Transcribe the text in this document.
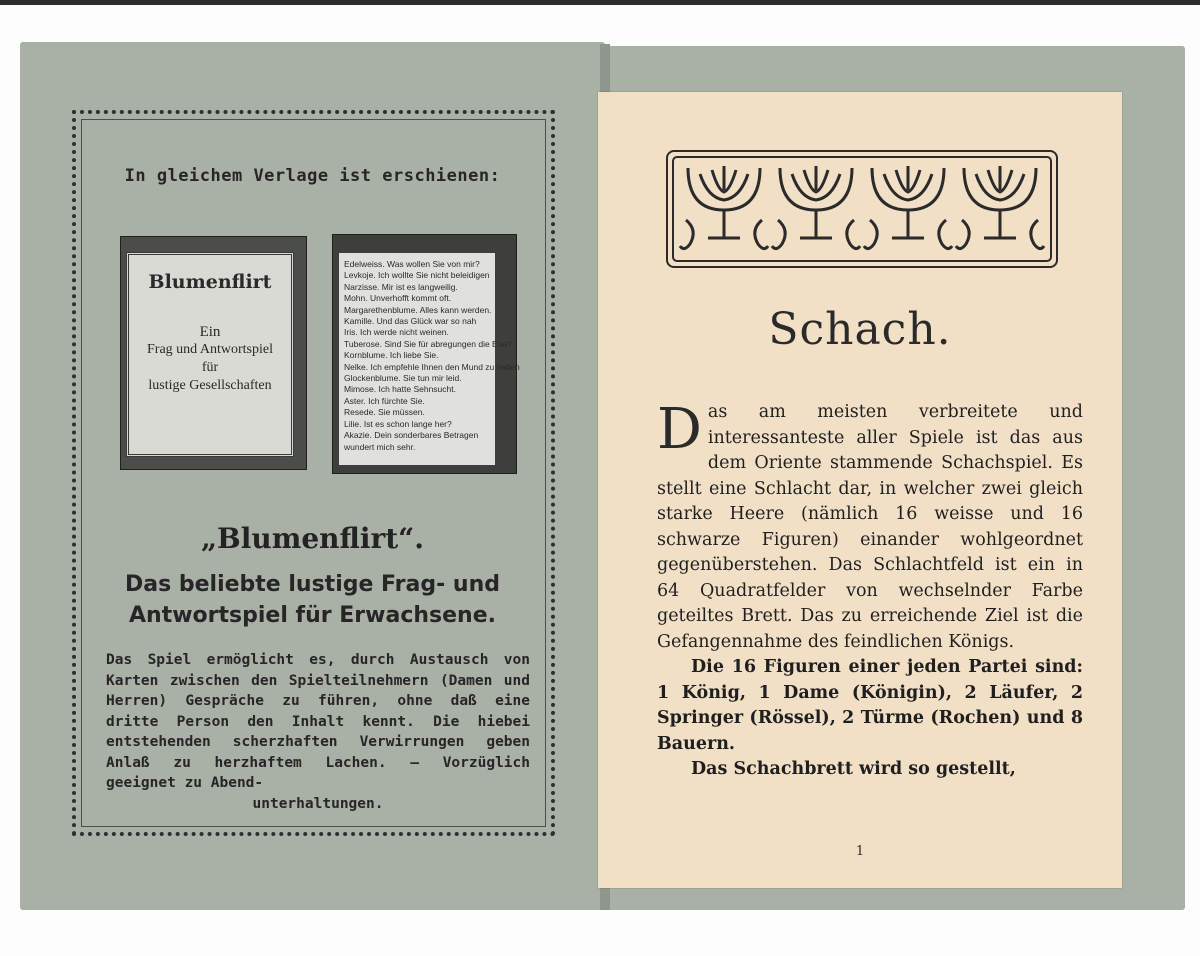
In gleichem Verlage ist erschienen:
Blumenflirt
Ein
Frag und Antwortspiel
für
lustige Gesellschaften
Edelweiss. Was wollen Sie von mir?
Levkoje. Ich wollte Sie nicht beleidigen
Narzisse. Mir ist es langweilig.
Mohn. Unverhofft kommt oft.
Margarethenblume. Alles kann werden.
Kamille. Und das Glück war so nah
Iris. Ich werde nicht weinen.
Tuberose. Sind Sie für abregungen die Ehe?
Kornblume. Ich liebe Sie.
Nelke. Ich empfehle Ihnen den Mund zu halten
Glockenblume. Sie tun mir leid.
Mimose. Ich hatte Sehnsucht.
Aster. Ich fürchte Sie.
Resede. Sie müssen.
Lilie. Ist es schon lange her?
Akazie. Dein sonderbares Betragen
wundert mich sehr.
„Blumenflirt“.
Das beliebte lustige Frag- und
Antwortspiel für Erwachsene.
Das Spiel ermöglicht es, durch Austausch von Karten zwischen den Spielteilnehmern (Damen und Herren) Gespräche zu führen, ohne daß eine dritte Person den Inhalt kennt. Die hiebei entstehenden scherzhaften Verwirrungen geben Anlaß zu herzhaftem Lachen. — Vorzüglich geeignet zu Abend-
unterhaltungen.
Schach.

Das am meisten verbreitete und interessanteste aller Spiele ist das aus dem Oriente stammende Schachspiel. Es stellt eine Schlacht dar, in welcher zwei gleich starke Heere (nämlich 16 weisse und 16 schwarze Figuren) einander wohlgeordnet gegenüberstehen. Das Schlachtfeld ist ein in 64 Quadratfelder von wechselnder Farbe geteiltes Brett. Das zu erreichende Ziel ist die Gefangennahme des feindlichen Königs.

Die 16 Figuren einer jeden Partei sind: 1 König, 1 Dame (Königin), 2 Läufer, 2 Springer (Rössel), 2 Türme (Rochen) und 8 Bauern.

Das Schachbrett wird so gestellt,

1
